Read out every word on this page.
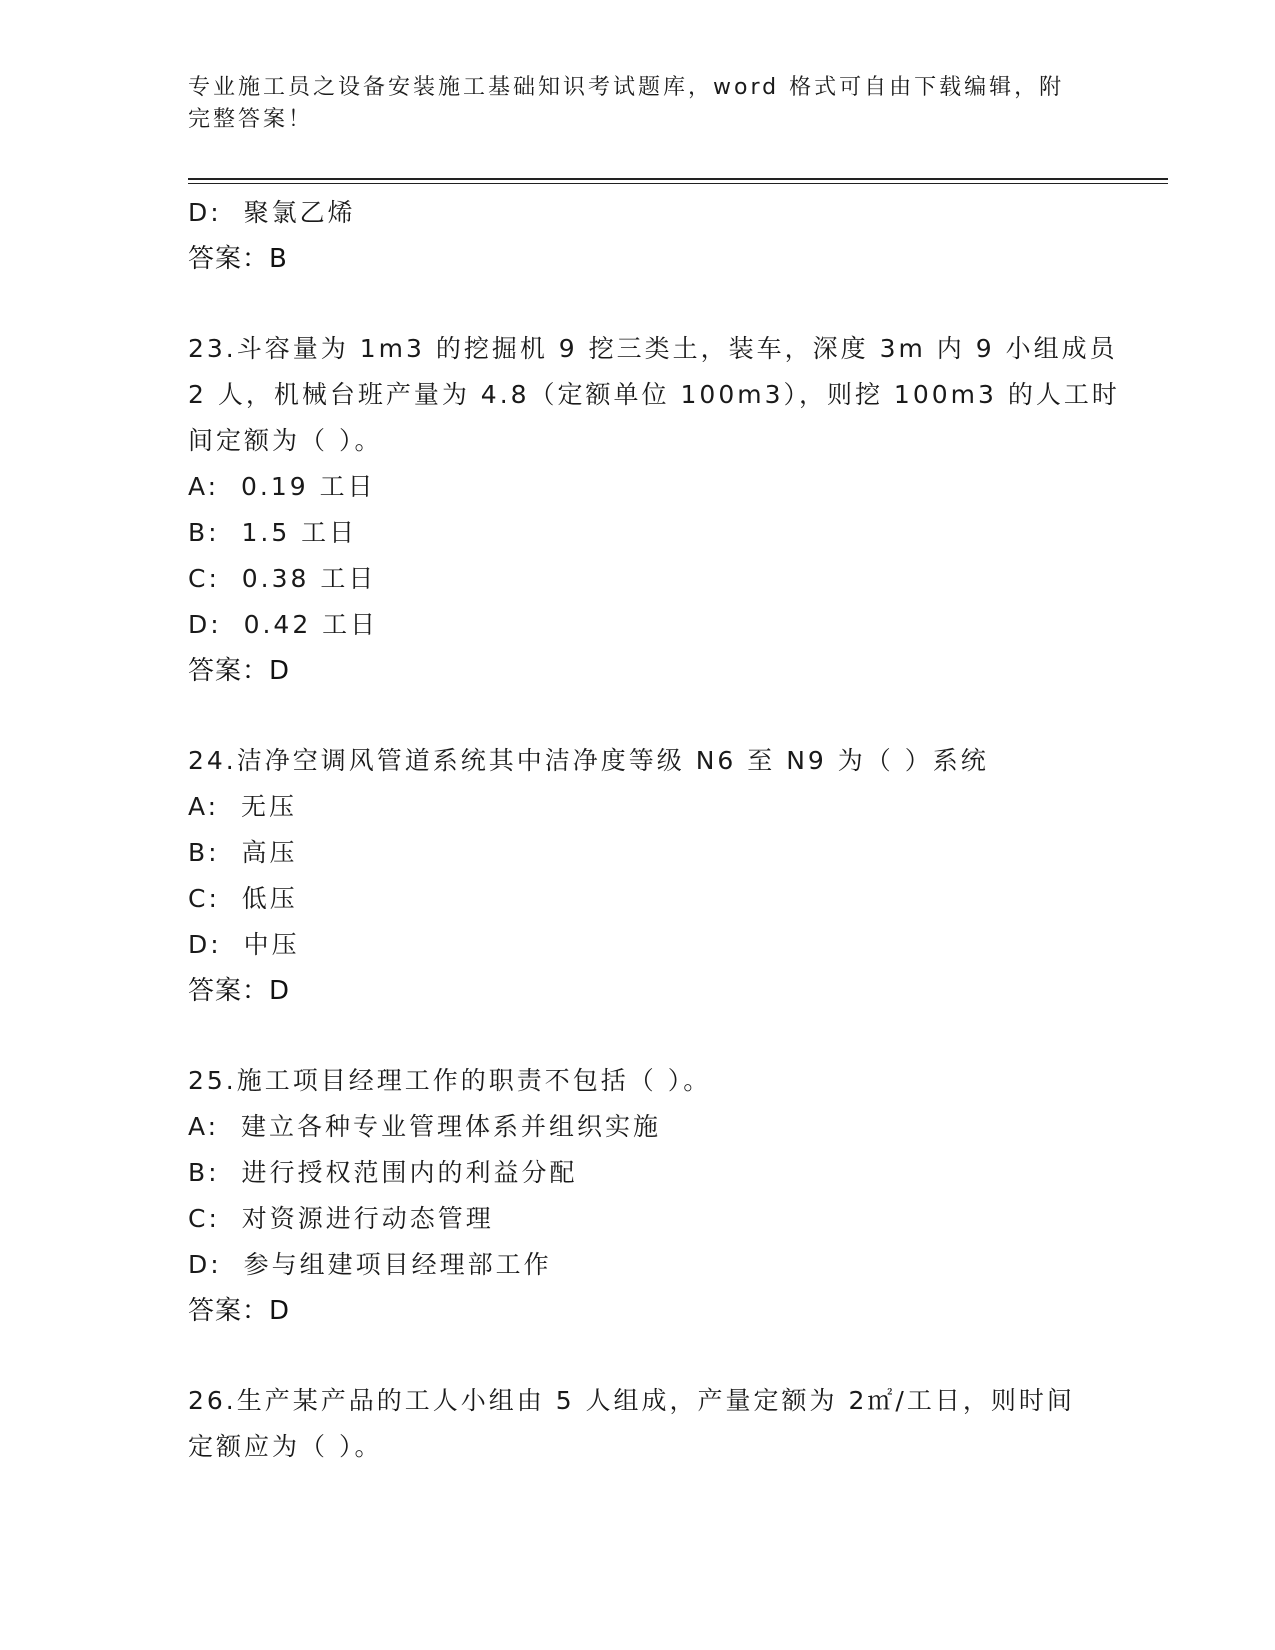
专业施工员之设备安装施工基础知识考试题库，word 格式可自由下载编辑，附完整答案！
D:  聚氯乙烯
答案：B
23.斗容量为 1m3 的挖掘机 9 挖三类土，装车，深度 3m 内 9 小组成员
2 人，机械台班产量为 4.8（定额单位 100m3），则挖 100m3 的人工时
间定额为（ ）。
A:  0.19 工日
B:  1.5 工日
C:  0.38 工日
D:  0.42 工日
答案：D
24.洁净空调风管道系统其中洁净度等级 N6 至 N9 为（ ）系统
A:  无压
B:  高压
C:  低压
D:  中压
答案：D
25.施工项目经理工作的职责不包括（ ）。
A:  建立各种专业管理体系并组织实施
B:  进行授权范围内的利益分配
C:  对资源进行动态管理
D:  参与组建项目经理部工作
答案：D
26.生产某产品的工人小组由 5 人组成，产量定额为 2㎡/工日，则时间
定额应为（ ）。
